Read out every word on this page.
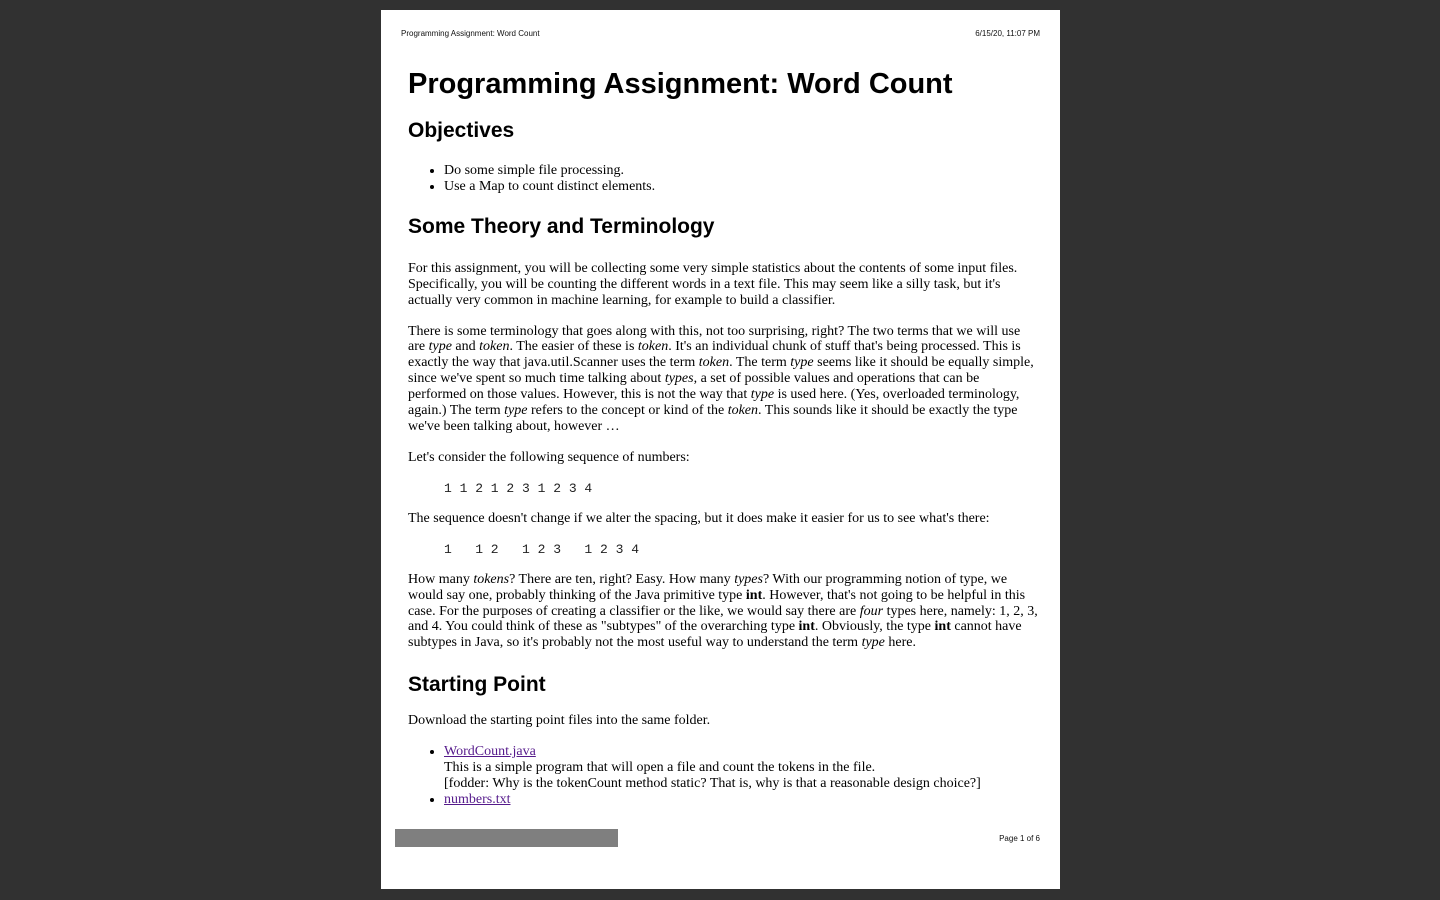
Programming Assignment: Word Count	6/15/20, 11:07 PM
Programming Assignment: Word Count
Objectives
• Do some simple file processing.
• Use a Map to count distinct elements.
Some Theory and Terminology

For this assignment, you will be collecting some very simple statistics about the contents of some input files. Specifically, you will be counting the different words in a text file. This may seem like a silly task, but it's actually very common in machine learning, for example to build a classifier.

There is some terminology that goes along with this, not too surprising, right? The two terms that we will use are type and token. The easier of these is token. It's an individual chunk of stuff that's being processed. This is exactly the way that java.util.Scanner uses the term token. The term type seems like it should be equally simple, since we've spent so much time talking about types, a set of possible values and operations that can be performed on those values. However, this is not the way that type is used here. (Yes, overloaded terminology, again.) The term type refers to the concept or kind of the token. This sounds like it should be exactly the type we've been talking about, however …

Let's consider the following sequence of numbers:

1 1 2 1 2 3 1 2 3 4

The sequence doesn't change if we alter the spacing, but it does make it easier for us to see what's there:

1   1 2   1 2 3   1 2 3 4

How many tokens? There are ten, right? Easy. How many types? With our programming notion of type, we would say one, probably thinking of the Java primitive type int. However, that's not going to be helpful in this case. For the purposes of creating a classifier or the like, we would say there are four types here, namely: 1, 2, 3, and 4. You could think of these as "subtypes" of the overarching type int. Obviously, the type int cannot have subtypes in Java, so it's probably not the most useful way to understand the term type here.

Starting Point

Download the starting point files into the same folder.

• WordCount.java
This is a simple program that will open a file and count the tokens in the file.
[fodder: Why is the tokenCount method static? That is, why is that a reasonable design choice?]
• numbers.txt
Page 1 of 6
